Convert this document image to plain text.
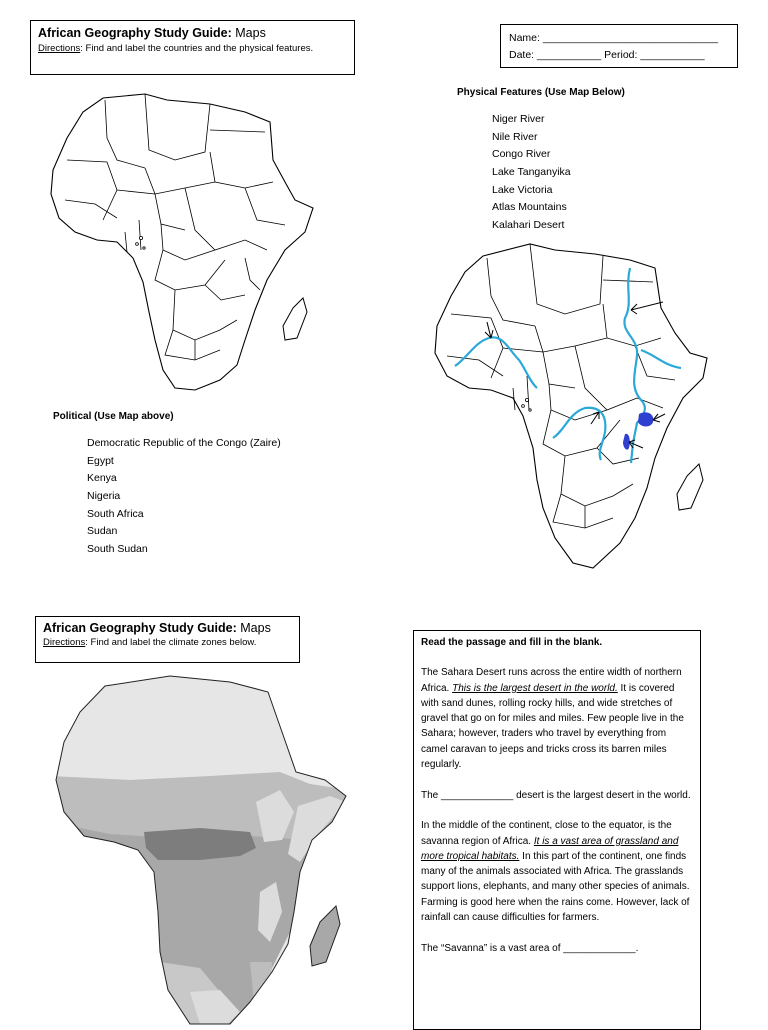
African Geography Study Guide: Maps
Directions: Find and label the countries and the physical features.
Name: ______________________________
Date: ___________ Period: ___________
Physical Features (Use Map Below)
Niger River
Nile River
Congo River
Lake Tanganyika
Lake Victoria
Atlas Mountains
Kalahari Desert
Political (Use Map above)
Democratic Republic of the Congo (Zaire)
Egypt
Kenya
Nigeria
South Africa
Sudan
South Sudan
African Geography Study Guide: Maps
Directions: Find and label the climate zones below.	Read the passage and fill in the blank.

The Sahara Desert runs across the entire width of northern Africa. This is the largest desert in the world. It is covered with sand dunes, rolling rocky hills, and wide stretches of gravel that go on for miles and miles. Few people live in the Sahara; however, traders who travel by everything from camel caravan to jeeps and tricks cross its barren miles regularly.

The _____________ desert is the largest desert in the world.

In the middle of the continent, close to the equator, is the savanna region of Africa. It is a vast area of grassland and more tropical habitats. In this part of the continent, one finds many of the animals associated with Africa. The grasslands support lions, elephants, and many other species of animals. Farming is good here when the rains come. However, lack of rainfall can cause difficulties for farmers.

The “Savanna” is a vast area of _____________.
